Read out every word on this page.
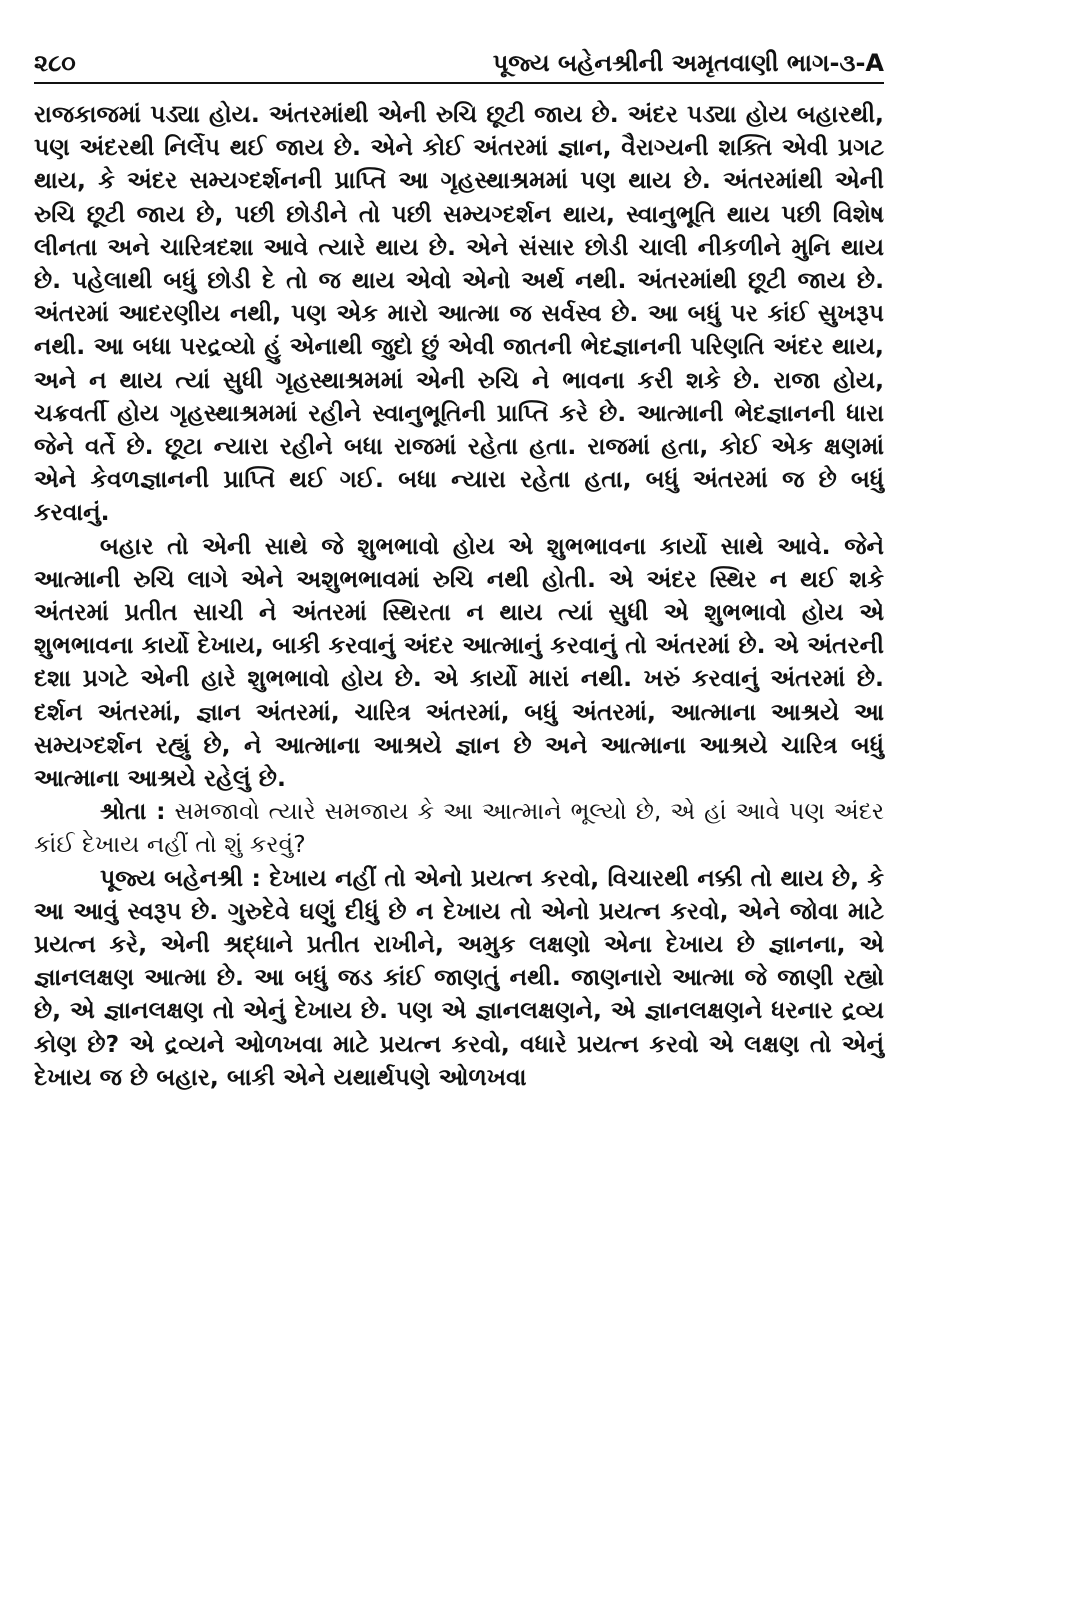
૨૮૦	પૂજ્ય બહેનશ્રીની અમૃતવાણી ભાગ-૩-A

રાજકાજમાં પડ્યા હોય. અંતરમાંથી એની રુચિ છૂટી જાય છે. અંદર પડ્યા હોય બહારથી, પણ અંદરથી નિર્લેપ થઈ જાય છે. એને કોઈ અંતરમાં જ્ઞાન, વૈરાગ્યની શક્તિ એવી પ્રગટ થાય, કે અંદર સમ્યગ્દર્શનની પ્રાપ્તિ આ ગૃહસ્થાશ્રમમાં પણ થાય છે. અંતરમાંથી એની રુચિ છૂટી જાય છે, પછી છોડીને તો પછી સમ્યગ્દર્શન થાય, સ્વાનુભૂતિ થાય પછી વિશેષ લીનતા અને ચારિત્રદશા આવે ત્યારે થાય છે. એને સંસાર છોડી ચાલી નીકળીને મુનિ થાય છે. પહેલાથી બધું છોડી દે તો જ થાય એવો એનો અર્થ નથી. અંતરમાંથી છૂટી જાય છે. અંતરમાં આદરણીય નથી, પણ એક મારો આત્મા જ સર્વસ્વ છે. આ બધું પર કાંઈ સુખરૂપ નથી. આ બધા પરદ્રવ્યો હું એનાથી જુદો છું એવી જાતની ભેદજ્ઞાનની પરિણતિ અંદર થાય, અને ન થાય ત્યાં સુધી ગૃહસ્થાશ્રમમાં એની રુચિ ને ભાવના કરી શકે છે. રાજા હોય, ચક્રવર્તી હોય ગૃહસ્થાશ્રમમાં રહીને સ્વાનુભૂતિની પ્રાપ્તિ કરે છે. આત્માની ભેદજ્ઞાનની ધારા જેને વર્તે છે. છૂટા ન્યારા રહીને બધા રાજમાં રહેતા હતા. રાજમાં હતા, કોઈ એક ક્ષણમાં એને કેવળજ્ઞાનની પ્રાપ્તિ થઈ ગઈ. બધા ન્યારા રહેતા હતા, બધું અંતરમાં જ છે બધું કરવાનું.

બહાર તો એની સાથે જે શુભભાવો હોય એ શુભભાવના કાર્યો સાથે આવે. જેને આત્માની રુચિ લાગે એને અશુભભાવમાં રુચિ નથી હોતી. એ અંદર સ્થિર ન થઈ શકે અંતરમાં પ્રતીત સાચી ને અંતરમાં સ્થિરતા ન થાય ત્યાં સુધી એ શુભભાવો હોય એ શુભભાવના કાર્યો દેખાય, બાકી કરવાનું અંદર આત્માનું કરવાનું તો અંતરમાં છે. એ અંતરની દશા પ્રગટે એની હારે શુભભાવો હોય છે. એ કાર્યો મારાં નથી. ખરું કરવાનું અંતરમાં છે. દર્શન અંતરમાં, જ્ઞાન અંતરમાં, ચારિત્ર અંતરમાં, બધું અંતરમાં, આત્માના આશ્રયે આ સમ્યગ્દર્શન રહ્યું છે, ને આત્માના આશ્રયે જ્ઞાન છે અને આત્માના આશ્રયે ચારિત્ર બધું આત્માના આશ્રયે રહેલું છે.

શ્રોતા : સમજાવો ત્યારે સમજાય કે આ આત્માને ભૂલ્યો છે, એ હાં આવે પણ અંદર કાંઈ દેખાય નહીં તો શું કરવું?

પૂજ્ય બહેનશ્રી : દેખાય નહીં તો એનો પ્રયત્ન કરવો, વિચારથી નક્કી તો થાય છે, કે આ આવું સ્વરૂપ છે. ગુરુદેવે ઘણું દીધું છે ન દેખાય તો એનો પ્રયત્ન કરવો, એને જોવા માટે પ્રયત્ન કરે, એની શ્રદ્ધાને પ્રતીત રાખીને, અમુક લક્ષણો એના દેખાય છે જ્ઞાનના, એ જ્ઞાનલક્ષણ આત્મા છે. આ બધું જડ કાંઈ જાણતું નથી. જાણનારો આત્મા જે જાણી રહ્યો છે, એ જ્ઞાનલક્ષણ તો એનું દેખાય છે. પણ એ જ્ઞાનલક્ષણને, એ જ્ઞાનલક્ષણને ધરનાર દ્રવ્ય કોણ છે? એ દ્રવ્યને ઓળખવા માટે પ્રયત્ન કરવો, વધારે પ્રયત્ન કરવો એ લક્ષણ તો એનું દેખાય જ છે બહાર, બાકી એને યથાર્થપણે ઓળખવા
